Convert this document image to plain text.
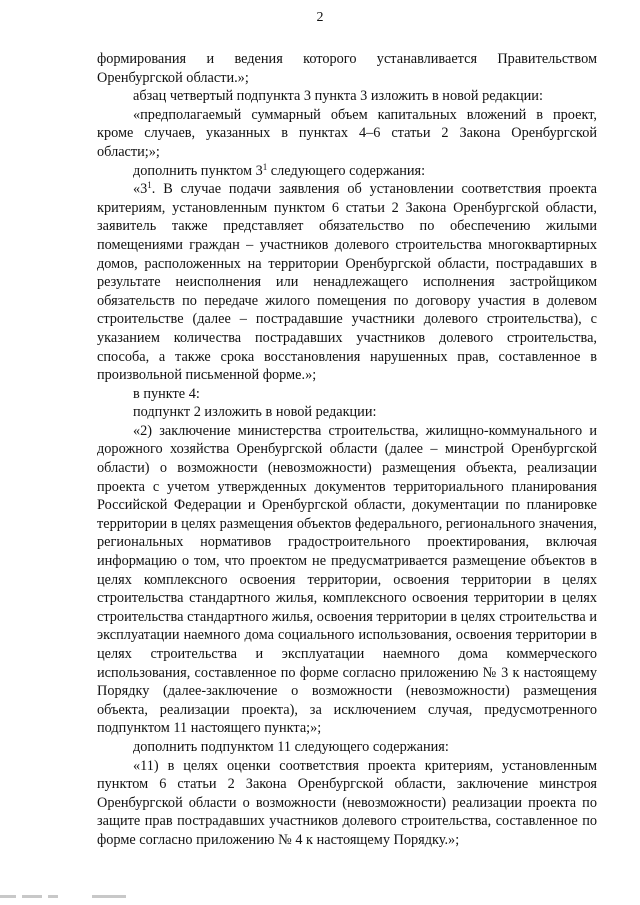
2

формирования и ведения которого устанавливается Правительством Оренбургской области.»;

абзац четвертый подпункта 3 пункта 3 изложить в новой редакции:

«предполагаемый суммарный объем капитальных вложений в проект, кроме случаев, указанных в пунктах 4–6 статьи 2 Закона Оренбургской области;»;

дополнить пунктом $3^1$ следующего содержания:

«$3^1$. В случае подачи заявления об установлении соответствия проекта критериям, установленным пунктом 6 статьи 2 Закона Оренбургской области, заявитель также представляет обязательство по обеспечению жилыми помещениями граждан – участников долевого строительства многоквартирных домов, расположенных на территории Оренбургской области, пострадавших в результате неисполнения или ненадлежащего исполнения застройщиком обязательств по передаче жилого помещения по договору участия в долевом строительстве (далее – пострадавшие участники долевого строительства), с указанием количества пострадавших участников долевого строительства, способа, а также срока восстановления нарушенных прав, составленное в произвольной письменной форме.»;

в пункте 4:

подпункт 2 изложить в новой редакции:

«2) заключение министерства строительства, жилищно-коммунального и дорожного хозяйства Оренбургской области (далее – минстрой Оренбургской области) о возможности (невозможности) размещения объекта, реализации проекта с учетом утвержденных документов территориального планирования Российской Федерации и Оренбургской области, документации по планировке территории в целях размещения объектов федерального, регионального значения, региональных нормативов градостроительного проектирования, включая информацию о том, что проектом не предусматривается размещение объектов в целях комплексного освоения территории, освоения территории в целях строительства стандартного жилья, комплексного освоения территории в целях строительства стандартного жилья, освоения территории в целях строительства и эксплуатации наемного дома социального использования, освоения территории в целях строительства и эксплуатации наемного дома коммерческого использования, составленное по форме согласно приложению № 3 к настоящему Порядку (далее-заключение о возможности (невозможности) размещения объекта, реализации проекта), за исключением случая, предусмотренного подпунктом 11 настоящего пункта;»;

дополнить подпунктом 11 следующего содержания:

«11) в целях оценки соответствия проекта критериям, установленным пунктом 6 статьи 2 Закона Оренбургской области, заключение минстроя Оренбургской области о возможности (невозможности) реализации проекта по защите прав пострадавших участников долевого строительства, составленное по форме согласно приложению № 4 к настоящему Порядку.»;
